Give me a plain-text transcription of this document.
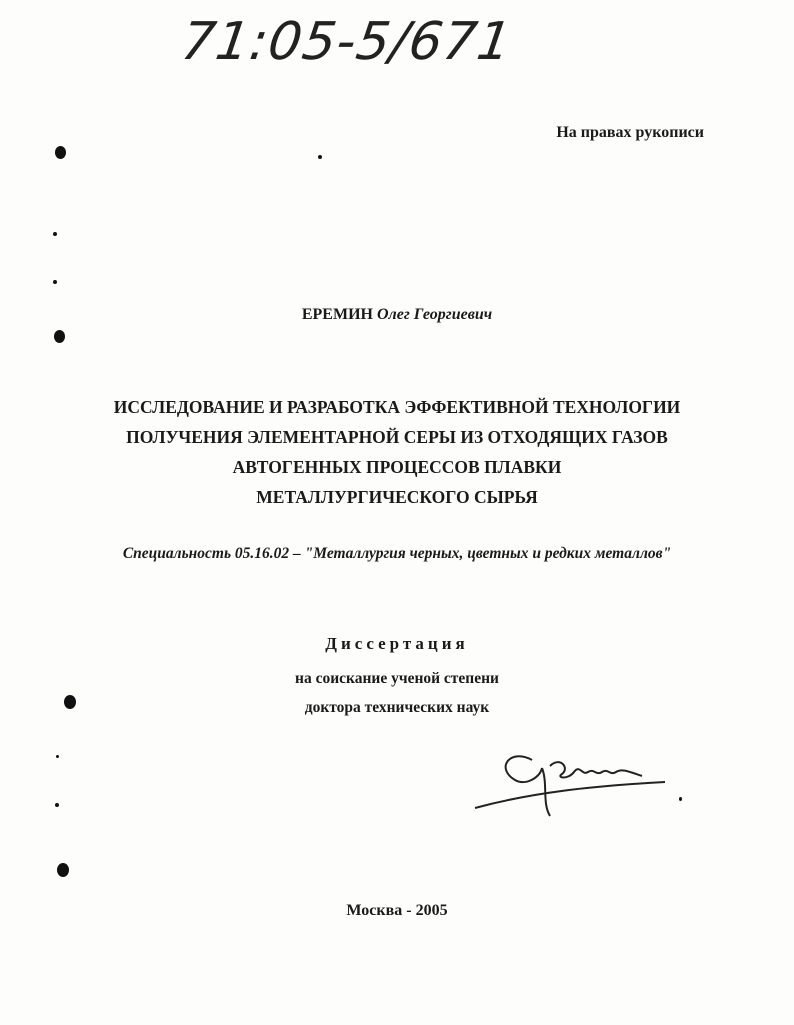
71:05-5/671
На правах рукописи
ЕРЕМИН Олег Георгиевич
ИССЛЕДОВАНИЕ И РАЗРАБОТКА ЭФФЕКТИВНОЙ ТЕХНОЛОГИИ
ПОЛУЧЕНИЯ ЭЛЕМЕНТАРНОЙ СЕРЫ ИЗ ОТХОДЯЩИХ ГАЗОВ
АВТОГЕННЫХ ПРОЦЕССОВ ПЛАВКИ
МЕТАЛЛУРГИЧЕСКОГО СЫРЬЯ
Специальность 05.16.02 – "Металлургия черных, цветных и редких металлов"
Диссертация
на соискание ученой степени
доктора технических наук
Москва - 2005
